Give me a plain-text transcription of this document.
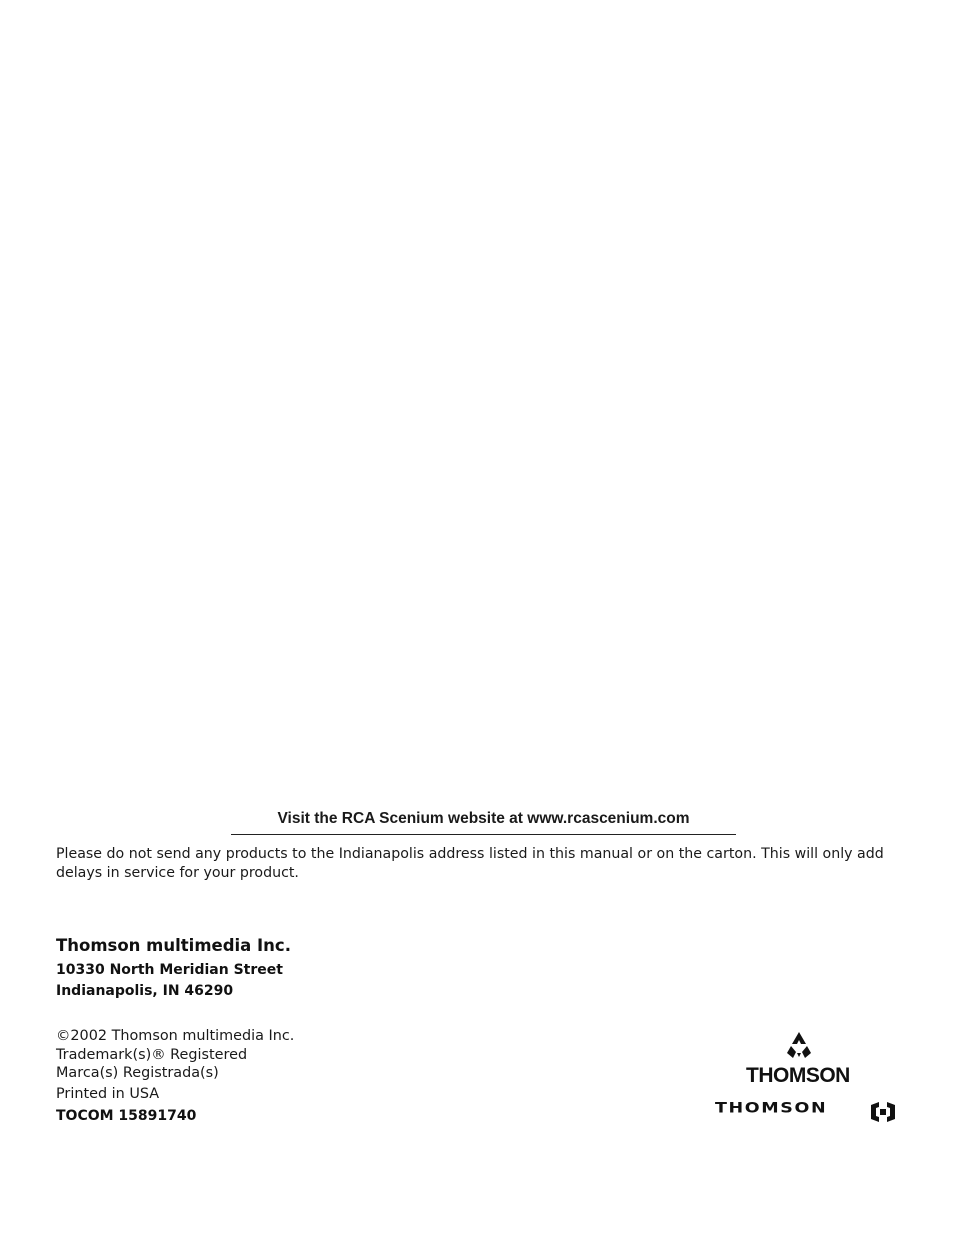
Visit the RCA Scenium website at www.rcascenium.com
Please do not send any products to the Indianapolis address listed in this manual or on the carton. This will only add delays in service for your product.
Thomson multimedia Inc.
10330 North Meridian Street
Indianapolis, IN 46290
©2002 Thomson multimedia Inc.
Trademark(s)® Registered
Marca(s) Registrada(s)
Printed in USA
TOCOM 15891740
THOMSON
THOMSON
